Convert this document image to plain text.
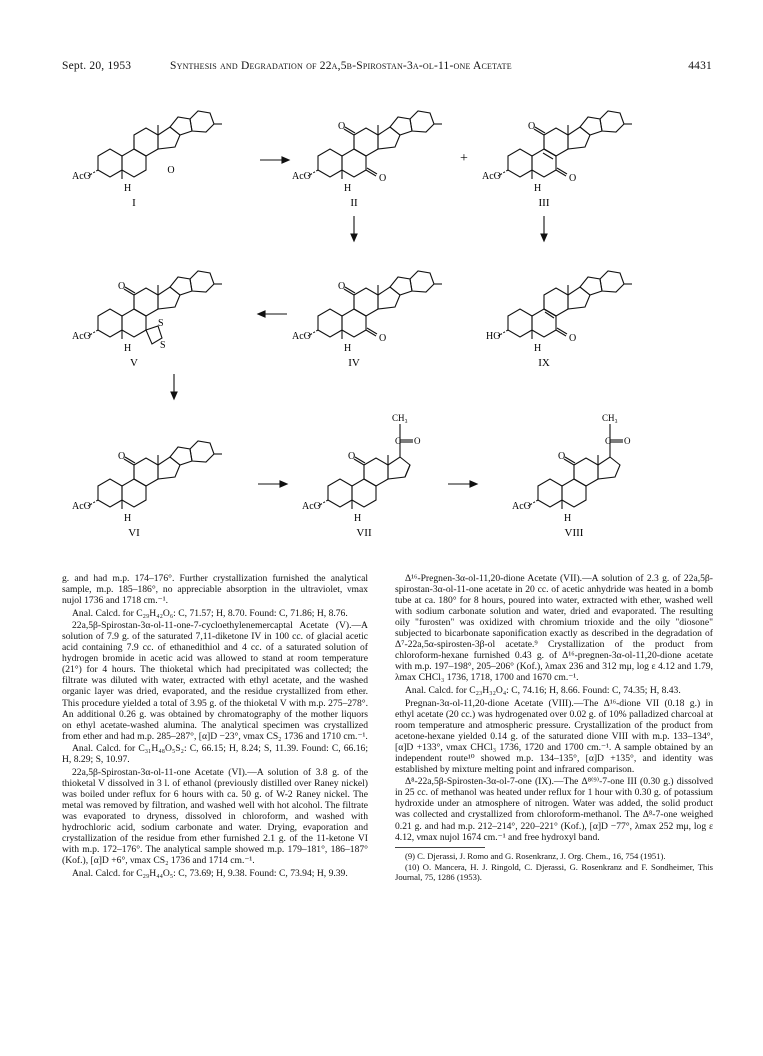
Sept. 20, 1953	Synthesis and Degradation of 22a,5β-Spirostan-3α-ol-11-one Acetate	4431
AcO
H
O
I
AcO
O
O
H
II
+
AcO
O
O
H
III
AcO
O
S
S
H
V
AcO
O
O
H
IV
HO	O
H
IX
AcO
O
H
VI
AcO
O
CH₃
C O
H
VII
AcO
O
CH₃
C O
H
VIII

g. and had m.p. 174–176°. Further crystallization furnished the analytical sample, m.p. 185–186°, no appreciable absorption in the ultraviolet, νmax nujol 1736 and 1718 cm.⁻¹.

Anal. Calcd. for C₂₉H₄₂O₆: C, 71.57; H, 8.70. Found: C, 71.86; H, 8.76.

22a,5β-Spirostan-3α-ol-11-one-7-cycloethylenemercaptal Acetate (V).—A solution of 7.9 g. of the saturated 7,11-diketone IV in 100 cc. of glacial acetic acid containing 7.9 cc. of ethanedithiol and 4 cc. of a saturated solution of hydrogen bromide in acetic acid was allowed to stand at room temperature (21°) for 4 hours. The thioketal which had precipitated was collected; the filtrate was diluted with water, extracted with ethyl acetate, and the washed organic layer was dried, evaporated, and the residue crystallized from ether. This procedure yielded a total of 3.95 g. of the thioketal V with m.p. 275–278°. An additional 0.26 g. was obtained by chromatography of the mother liquors on ethyl acetate-washed alumina. The analytical specimen was crystallized from ether and had m.p. 285–287°, [α]D −23°, νmax CS₂ 1736 and 1710 cm.⁻¹.

Anal. Calcd. for C₃₁H₄₈O₅S₂: C, 66.15; H, 8.24; S, 11.39. Found: C, 66.16; H, 8.29; S, 10.97.

22a,5β-Spirostan-3α-ol-11-one Acetate (VI).—A solution of 3.8 g. of the thioketal V dissolved in 3 l. of ethanol (previously distilled over Raney nickel) was boiled under reflux for 6 hours with ca. 50 g. of W-2 Raney nickel. The metal was removed by filtration, and washed well with hot alcohol. The filtrate was evaporated to dryness, dissolved in chloroform, and washed with hydrochloric acid, sodium carbonate and water. Drying, evaporation and crystallization of the residue from ether furnished 2.1 g. of the 11-ketone VI with m.p. 172–176°. The analytical sample showed m.p. 179–181°, 186–187° (Kof.), [α]D +6°, νmax CS₂ 1736 and 1714 cm.⁻¹.

Anal. Calcd. for C₂₉H₄₄O₅: C, 73.69; H, 9.38. Found: C, 73.94; H, 9.39.

Δ¹⁶-Pregnen-3α-ol-11,20-dione Acetate (VII).—A solution of 2.3 g. of 22a,5β-spirostan-3α-ol-11-one acetate in 20 cc. of acetic anhydride was heated in a bomb tube at ca. 180° for 8 hours, poured into water, extracted with ether, washed well with sodium carbonate solution and water, dried and evaporated. The resulting oily "furosten" was oxidized with chromium trioxide and the oily "diosone" subjected to bicarbonate saponification exactly as described in the degradation of Δ⁷-22a,5α-spirosten-3β-ol acetate.⁹ Crystallization of the product from chloroform-hexane furnished 0.43 g. of Δ¹⁶-pregnen-3α-ol-11,20-dione acetate with m.p. 197–198°, 205–206° (Kof.), λmax 236 and 312 mμ, log ε 4.12 and 1.79, λmax CHCl₃ 1736, 1718, 1700 and 1670 cm.⁻¹.

Anal. Calcd. for C₂₃H₃₂O₄: C, 74.16; H, 8.66. Found: C, 74.35; H, 8.43.

Pregnan-3α-ol-11,20-dione Acetate (VIII).—The Δ¹⁶-dione VII (0.18 g.) in ethyl acetate (20 cc.) was hydrogenated over 0.02 g. of 10% palladized charcoal at room temperature and atmospheric pressure. Crystallization of the product from acetone-hexane yielded 0.14 g. of the saturated dione VIII with m.p. 133–134°, [α]D +133°, νmax CHCl₃ 1736, 1720 and 1700 cm.⁻¹. A sample obtained by an independent route¹⁰ showed m.p. 134–135°, [α]D +135°, and identity was established by mixture melting point and infrared comparison.

Δ⁸-22a,5β-Spirosten-3α-ol-7-one (IX).—The Δ⁸⁽⁹⁾-7-one III (0.30 g.) dissolved in 25 cc. of methanol was heated under reflux for 1 hour with 0.30 g. of potassium hydroxide under an atmosphere of nitrogen. Water was added, the solid product was collected and crystallized from chloroform-methanol. The Δ⁸-7-one weighed 0.21 g. and had m.p. 212–214°, 220–221° (Kof.), [α]D −77°, λmax 252 mμ, log ε 4.12, νmax nujol 1674 cm.⁻¹ and free hydroxyl band.

(9) C. Djerassi, J. Romo and G. Rosenkranz, J. Org. Chem., 16, 754 (1951).

(10) O. Mancera, H. J. Ringold, C. Djerassi, G. Rosenkranz and F. Sondheimer, This Journal, 75, 1286 (1953).
